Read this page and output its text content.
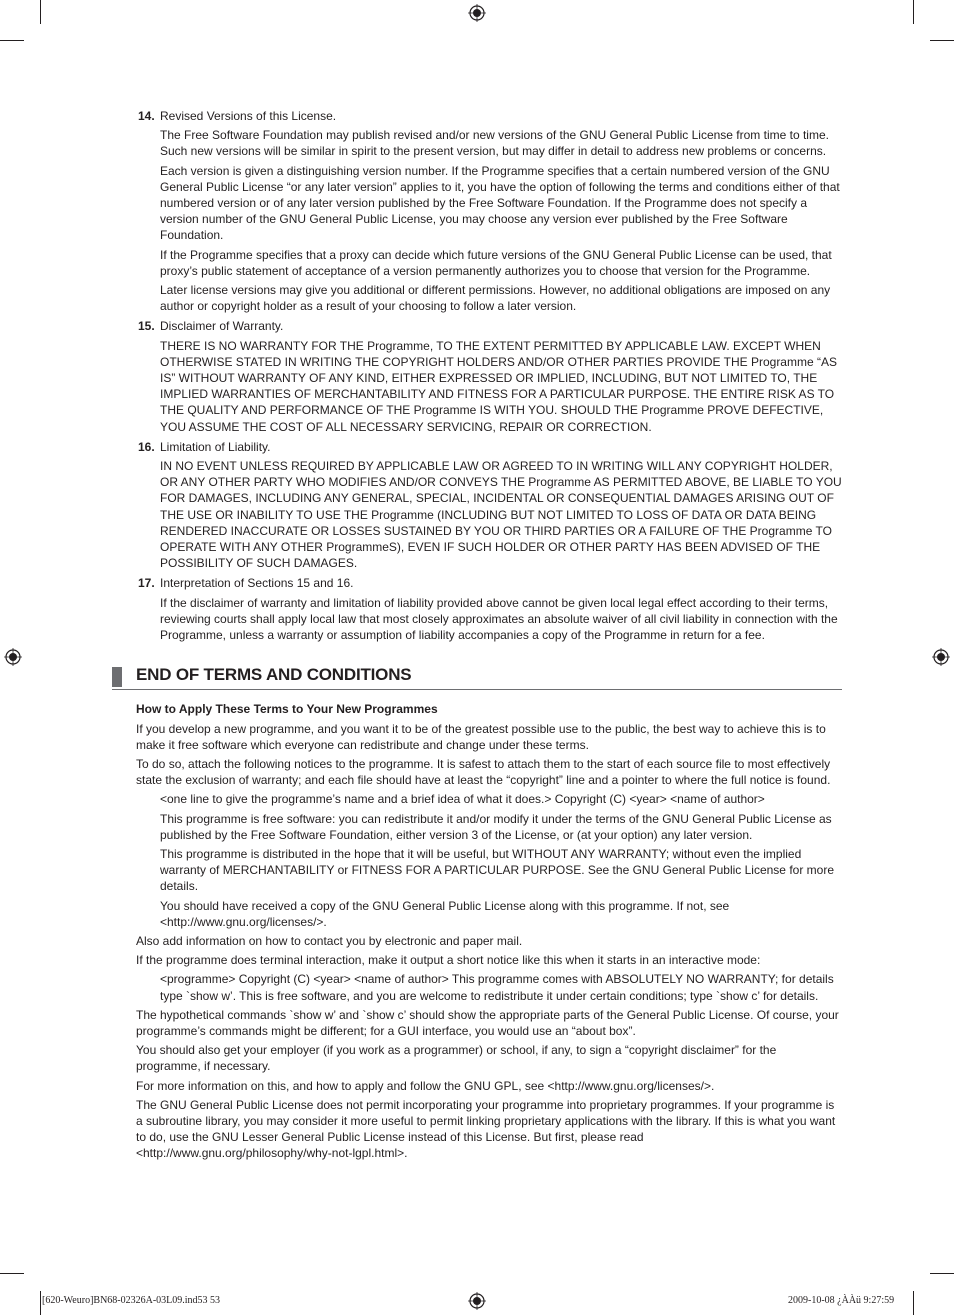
14. Revised Versions of this License.
The Free Software Foundation may publish revised and/or new versions of the GNU General Public License from time to time. Such new versions will be similar in spirit to the present version, but may differ in detail to address new problems or concerns.
Each version is given a distinguishing version number. If the Programme specifies that a certain numbered version of the GNU General Public License “or any later version” applies to it, you have the option of following the terms and conditions either of that numbered version or of any later version published by the Free Software Foundation. If the Programme does not specify a version number of the GNU General Public License, you may choose any version ever published by the Free Software Foundation.
If the Programme specifies that a proxy can decide which future versions of the GNU General Public License can be used, that proxy’s public statement of acceptance of a version permanently authorizes you to choose that version for the Programme.
Later license versions may give you additional or different permissions. However, no additional obligations are imposed on any author or copyright holder as a result of your choosing to follow a later version.
15. Disclaimer of Warranty.
THERE IS NO WARRANTY FOR THE Programme, TO THE EXTENT PERMITTED BY APPLICABLE LAW. EXCEPT WHEN OTHERWISE STATED IN WRITING THE COPYRIGHT HOLDERS AND/OR OTHER PARTIES PROVIDE THE Programme “AS IS” WITHOUT WARRANTY OF ANY KIND, EITHER EXPRESSED OR IMPLIED, INCLUDING, BUT NOT LIMITED TO, THE IMPLIED WARRANTIES OF MERCHANTABILITY AND FITNESS FOR A PARTICULAR PURPOSE. THE ENTIRE RISK AS TO THE QUALITY AND PERFORMANCE OF THE Programme IS WITH YOU. SHOULD THE Programme PROVE DEFECTIVE, YOU ASSUME THE COST OF ALL NECESSARY SERVICING, REPAIR OR CORRECTION.
16. Limitation of Liability.
IN NO EVENT UNLESS REQUIRED BY APPLICABLE LAW OR AGREED TO IN WRITING WILL ANY COPYRIGHT HOLDER, OR ANY OTHER PARTY WHO MODIFIES AND/OR CONVEYS THE Programme AS PERMITTED ABOVE, BE LIABLE TO YOU FOR DAMAGES, INCLUDING ANY GENERAL, SPECIAL, INCIDENTAL OR CONSEQUENTIAL DAMAGES ARISING OUT OF THE USE OR INABILITY TO USE THE Programme (INCLUDING BUT NOT LIMITED TO LOSS OF DATA OR DATA BEING RENDERED INACCURATE OR LOSSES SUSTAINED BY YOU OR THIRD PARTIES OR A FAILURE OF THE Programme TO OPERATE WITH ANY OTHER ProgrammeS), EVEN IF SUCH HOLDER OR OTHER PARTY HAS BEEN ADVISED OF THE POSSIBILITY OF SUCH DAMAGES.
17. Interpretation of Sections 15 and 16.
If the disclaimer of warranty and limitation of liability provided above cannot be given local legal effect according to their terms, reviewing courts shall apply local law that most closely approximates an absolute waiver of all civil liability in connection with the Programme, unless a warranty or assumption of liability accompanies a copy of the Programme in return for a fee.
END OF TERMS AND CONDITIONS
How to Apply These Terms to Your New Programmes
If you develop a new programme, and you want it to be of the greatest possible use to the public, the best way to achieve this is to make it free software which everyone can redistribute and change under these terms.
To do so, attach the following notices to the programme. It is safest to attach them to the start of each source file to most effectively state the exclusion of warranty; and each file should have at least the “copyright” line and a pointer to where the full notice is found.
<one line to give the programme’s name and a brief idea of what it does.> Copyright (C) <year> <name of author>
This programme is free software: you can redistribute it and/or modify it under the terms of the GNU General Public License as published by the Free Software Foundation, either version 3 of the License, or (at your option) any later version.
This programme is distributed in the hope that it will be useful, but WITHOUT ANY WARRANTY; without even the implied warranty of MERCHANTABILITY or FITNESS FOR A PARTICULAR PURPOSE. See the GNU General Public License for more details.
You should have received a copy of the GNU General Public License along with this programme. If not, see <http://www.gnu.org/licenses/>.
Also add information on how to contact you by electronic and paper mail.
If the programme does terminal interaction, make it output a short notice like this when it starts in an interactive mode:
<programme> Copyright (C) <year> <name of author> This programme comes with ABSOLUTELY NO WARRANTY; for details type `show w’. This is free software, and you are welcome to redistribute it under certain conditions; type `show c’ for details.
The hypothetical commands `show w’ and `show c’ should show the appropriate parts of the General Public License. Of course, your programme’s commands might be different; for a GUI interface, you would use an “about box”.
You should also get your employer (if you work as a programmer) or school, if any, to sign a “copyright disclaimer” for the programme, if necessary.
For more information on this, and how to apply and follow the GNU GPL, see <http://www.gnu.org/licenses/>.
The GNU General Public License does not permit incorporating your programme into proprietary programmes. If your programme is a subroutine library, you may consider it more useful to permit linking proprietary applications with the library. If this is what you want to do, use the GNU Lesser General Public License instead of this License. But first, please read <http://www.gnu.org/philosophy/why-not-lgpl.html>.
[620-Weuro]BN68-02326A-03L09.ind53 53	2009-10-08 ¿ÀÀü 9:27:59
